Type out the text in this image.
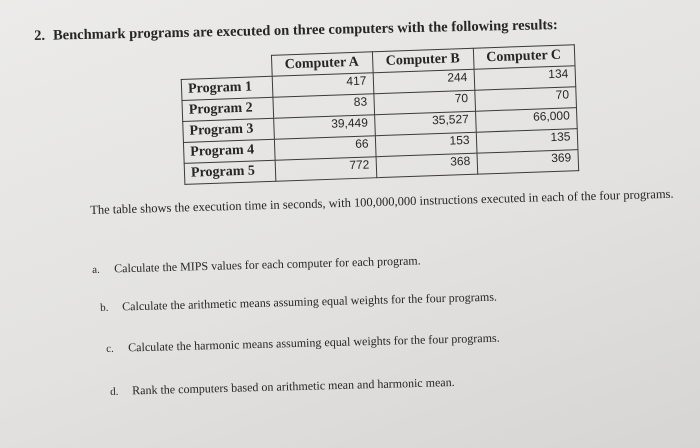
2. Benchmark programs are executed on three computers with the following results:
	Computer A	Computer B	Computer C
Program 1	417	244	134
Program 2	83	70	70
Program 3	39,449	35,527	66,000
Program 4	66	153	135
Program 5	772	368	369
The table shows the execution time in seconds, with 100,000,000 instructions executed in each of the four programs.
a. Calculate the MIPS values for each computer for each program.
b. Calculate the arithmetic means assuming equal weights for the four programs.
c. Calculate the harmonic means assuming equal weights for the four programs.
d. Rank the computers based on arithmetic mean and harmonic mean.
